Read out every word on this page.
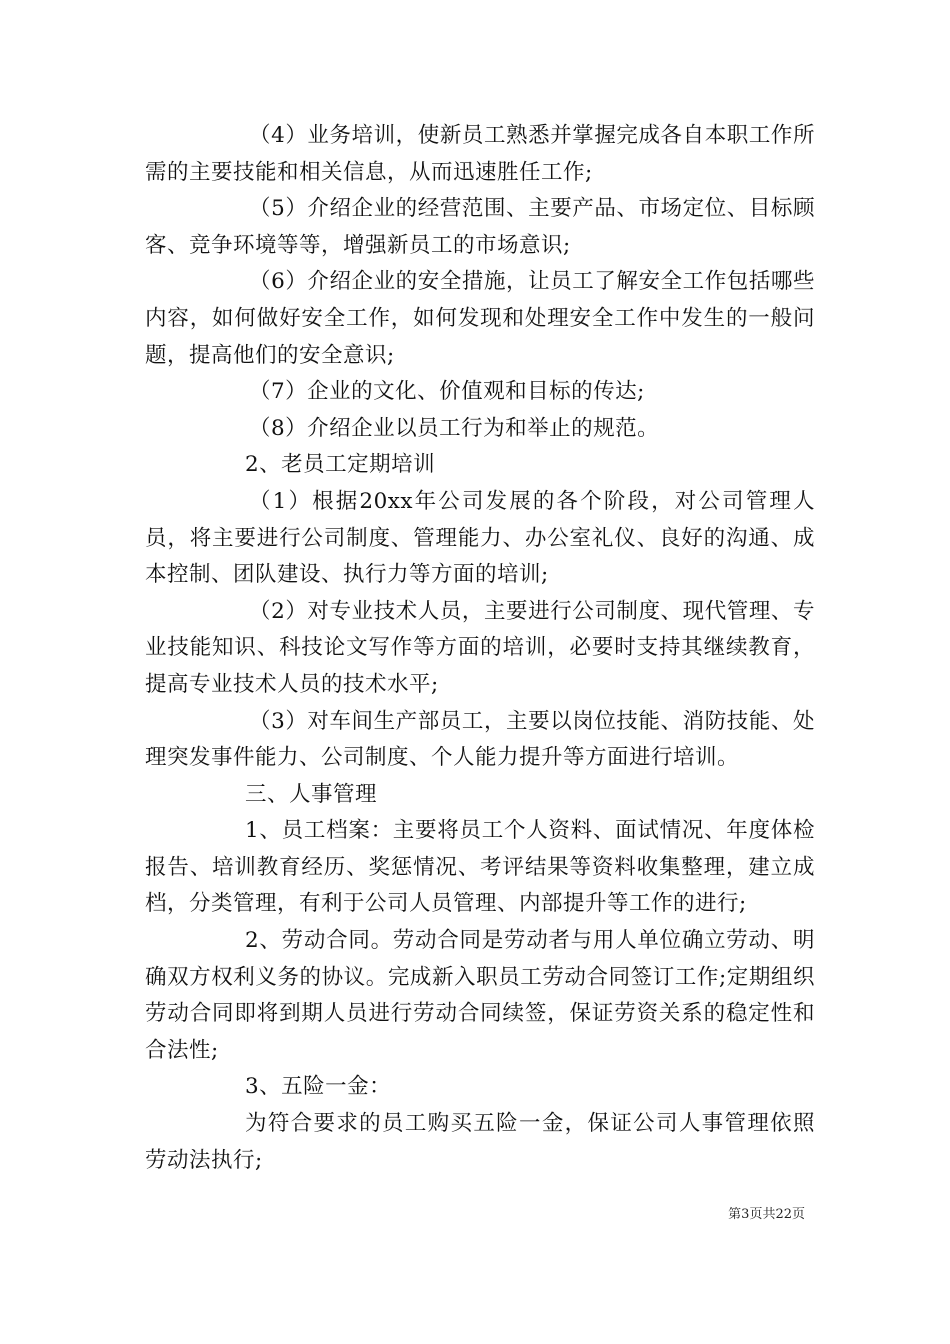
（4）业务培训，使新员工熟悉并掌握完成各自本职工作所需的主要技能和相关信息，从而迅速胜任工作;

（5）介绍企业的经营范围、主要产品、市场定位、目标顾客、竞争环境等等，增强新员工的市场意识;

（6）介绍企业的安全措施，让员工了解安全工作包括哪些内容，如何做好安全工作，如何发现和处理安全工作中发生的一般问题，提高他们的安全意识;

（7）企业的文化、价值观和目标的传达;

（8）介绍企业以员工行为和举止的规范。

2、老员工定期培训

（1）根据20xx年公司发展的各个阶段，对公司管理人员，将主要进行公司制度、管理能力、办公室礼仪、良好的沟通、成本控制、团队建设、执行力等方面的培训;

（2）对专业技术人员，主要进行公司制度、现代管理、专业技能知识、科技论文写作等方面的培训，必要时支持其继续教育，提高专业技术人员的技术水平;

（3）对车间生产部员工，主要以岗位技能、消防技能、处理突发事件能力、公司制度、个人能力提升等方面进行培训。

三、人事管理

1、员工档案：主要将员工个人资料、面试情况、年度体检报告、培训教育经历、奖惩情况、考评结果等资料收集整理，建立成档，分类管理，有利于公司人员管理、内部提升等工作的进行;

2、劳动合同。劳动合同是劳动者与用人单位确立劳动、明确双方权利义务的协议。完成新入职员工劳动合同签订工作;定期组织劳动合同即将到期人员进行劳动合同续签，保证劳资关系的稳定性和合法性;

3、五险一金：

为符合要求的员工购买五险一金，保证公司人事管理依照劳动法执行;

第3页共22页
